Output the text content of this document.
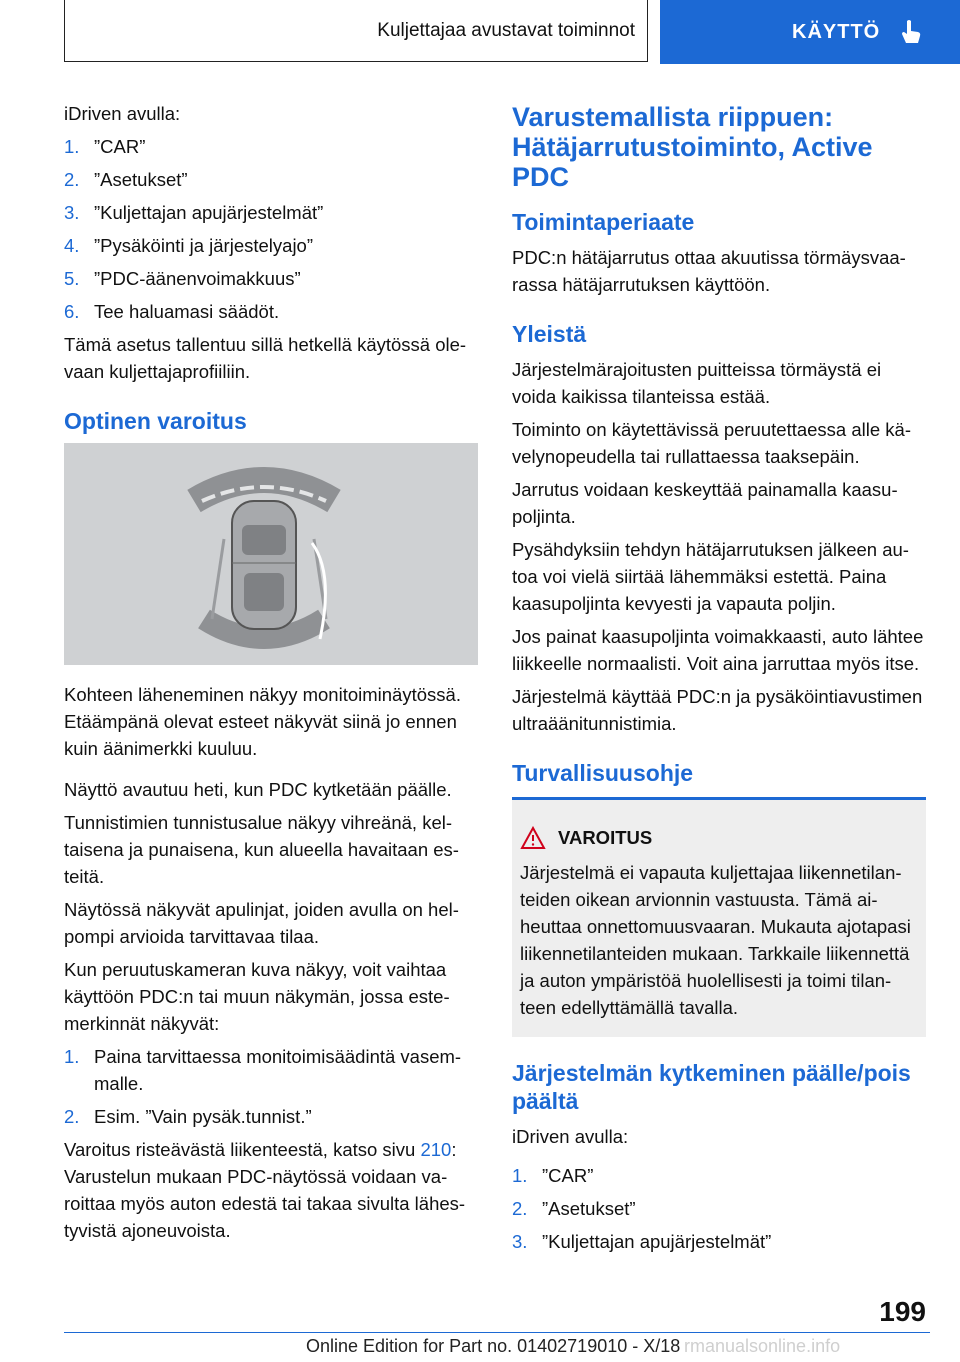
Kuljettajaa avustavat toiminnot	KÄYTTÖ

iDriven avulla:

1. ”CAR”
2. ”Asetukset”
3. ”Kuljettajan apujärjestelmät”
4. ”Pysäköinti ja järjestelyajo”
5. ”PDC-äänenvoimakkuus”
6. Tee haluamasi säädöt.

Tämä asetus tallentuu sillä hetkellä käytössä olevaan kuljettajaprofiiliin.

Optinen varoitus

Kohteen läheneminen näkyy monitoiminäytössä. Etäämpänä olevat esteet näkyvät siinä jo ennen kuin äänimerkki kuuluu.

Näyttö avautuu heti, kun PDC kytketään päälle.

Tunnistimien tunnistusalue näkyy vihreänä, keltaisena ja punaisena, kun alueella havaitaan esteitä.

Näytössä näkyvät apulinjat, joiden avulla on helpompi arvioida tarvittavaa tilaa.

Kun peruutuskameran kuva näkyy, voit vaihtaa käyttöön PDC:n tai muun näkymän, jossa estemerkinnät näkyvät:

1. Paina tarvittaessa monitoimisäädintä vasemmalle.
2. Esim. ”Vain pysäk.tunnist.”

Varoitus risteävästä liikenteestä, katso sivu 210:

Varustelun mukaan PDC-näytössä voidaan varoittaa myös auton edestä tai takaa sivulta lähestyvistä ajoneuvoista.

Varustemallista riippuen: Hätäjarrutustoiminto, Active PDC
Toimintaperiaate

PDC:n hätäjarrutus ottaa akuutissa törmäysvaarassa hätäjarrutuksen käyttöön.

Yleistä

Järjestelmärajoitusten puitteissa törmäystä ei voida kaikissa tilanteissa estää.

Toiminto on käytettävissä peruutettaessa alle kävelynopeudella tai rullattaessa taaksepäin.

Jarrutus voidaan keskeyttää painamalla kaasupoljinta.

Pysähdyksiin tehdyn hätäjarrutuksen jälkeen autoa voi vielä siirtää lähemmäksi estettä. Paina kaasupoljinta kevyesti ja vapauta poljin.

Jos painat kaasupoljinta voimakkaasti, auto lähtee liikkeelle normaalisti. Voit aina jarruttaa myös itse.

Järjestelmä käyttää PDC:n ja pysäköintiavustimen ultraäänitunnistimia.

Turvallisuusohje
VAROITUS

Järjestelmä ei vapauta kuljettajaa liikennetilanteiden oikean arvionnin vastuusta. Tämä aiheuttaa onnettomuusvaaran. Mukauta ajotapasi liikennetilanteiden mukaan. Tarkkaile liikennettä ja auton ympäristöä huolellisesti ja toimi tilanteen edellyttämällä tavalla.

Järjestelmän kytkeminen päälle/pois päältä

iDriven avulla:

1. ”CAR”
2. ”Asetukset”
3. ”Kuljettajan apujärjestelmät”
199
Online Edition for Part no. 01402719010 - X/18 rmanualsonline.info
